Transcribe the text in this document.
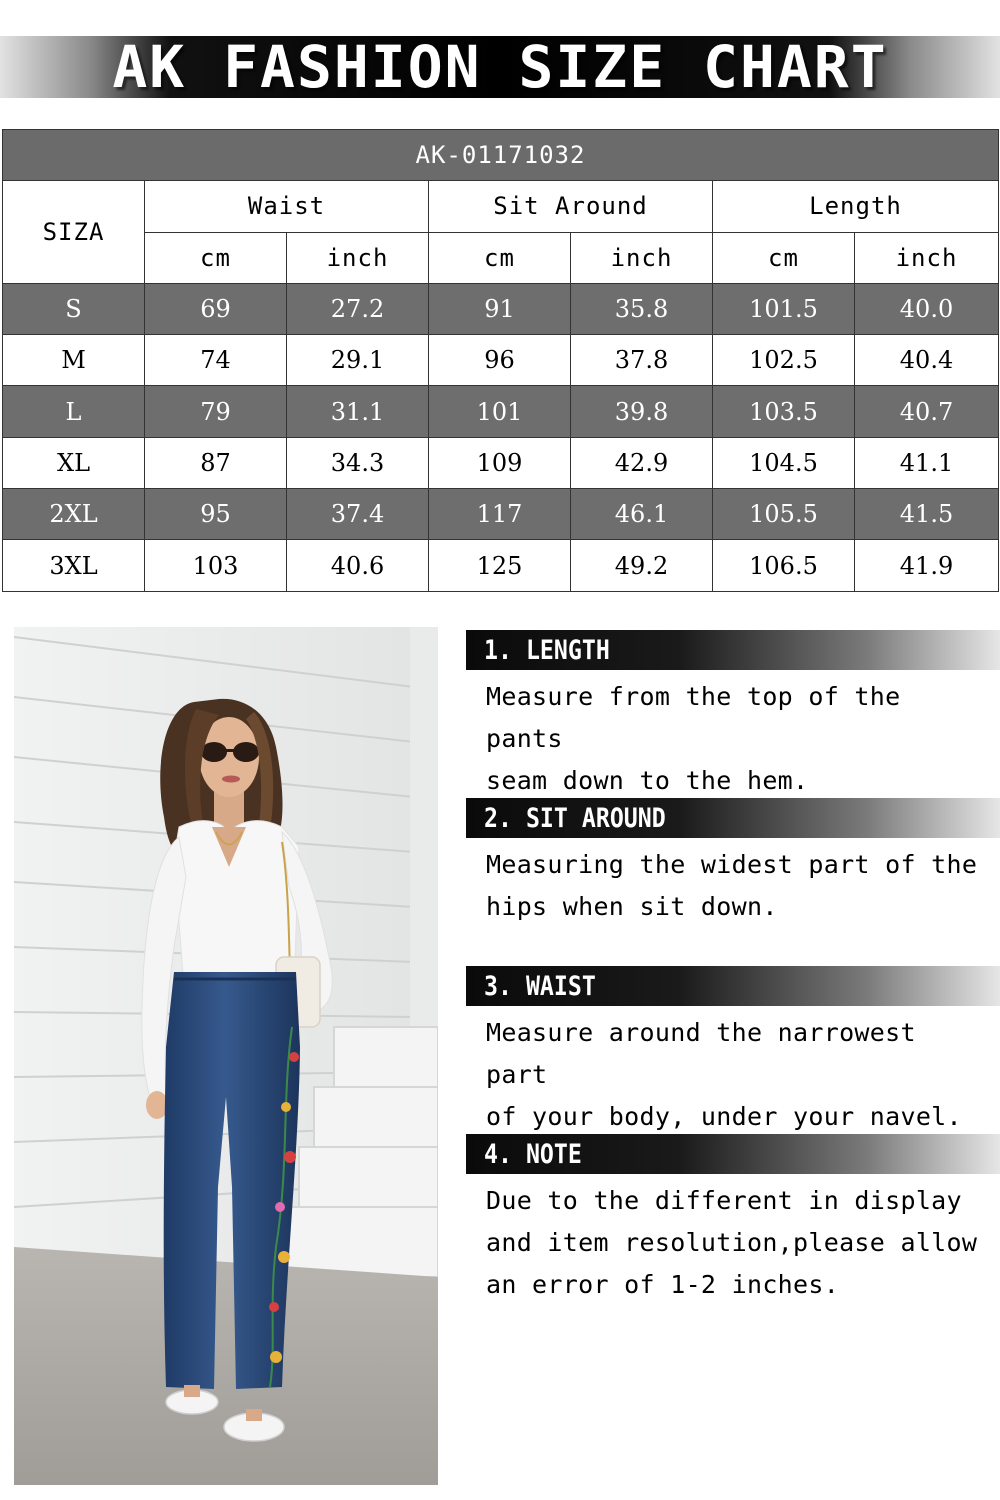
AK FASHION SIZE CHART
AK-01171032						
SIZA	Waist		Sit Around		Length	
	cm	inch	cm	inch	cm	inch
S	69	27.2	91	35.8	101.5	40.0
M	74	29.1	96	37.8	102.5	40.4
L	79	31.1	101	39.8	103.5	40.7
XL	87	34.3	109	42.9	104.5	41.1
2XL	95	37.4	117	46.1	105.5	41.5
3XL	103	40.6	125	49.2	106.5	41.9
1. LENGTH
Measure from the top of the pants
seam down to the hem.
2. SIT AROUND
Measuring the widest part of the
hips when sit down.
3. WAIST
Measure around the narrowest part
of your body, under your navel.
4. NOTE
Due to the different in display
and item resolution,please allow
an error of 1-2 inches.
